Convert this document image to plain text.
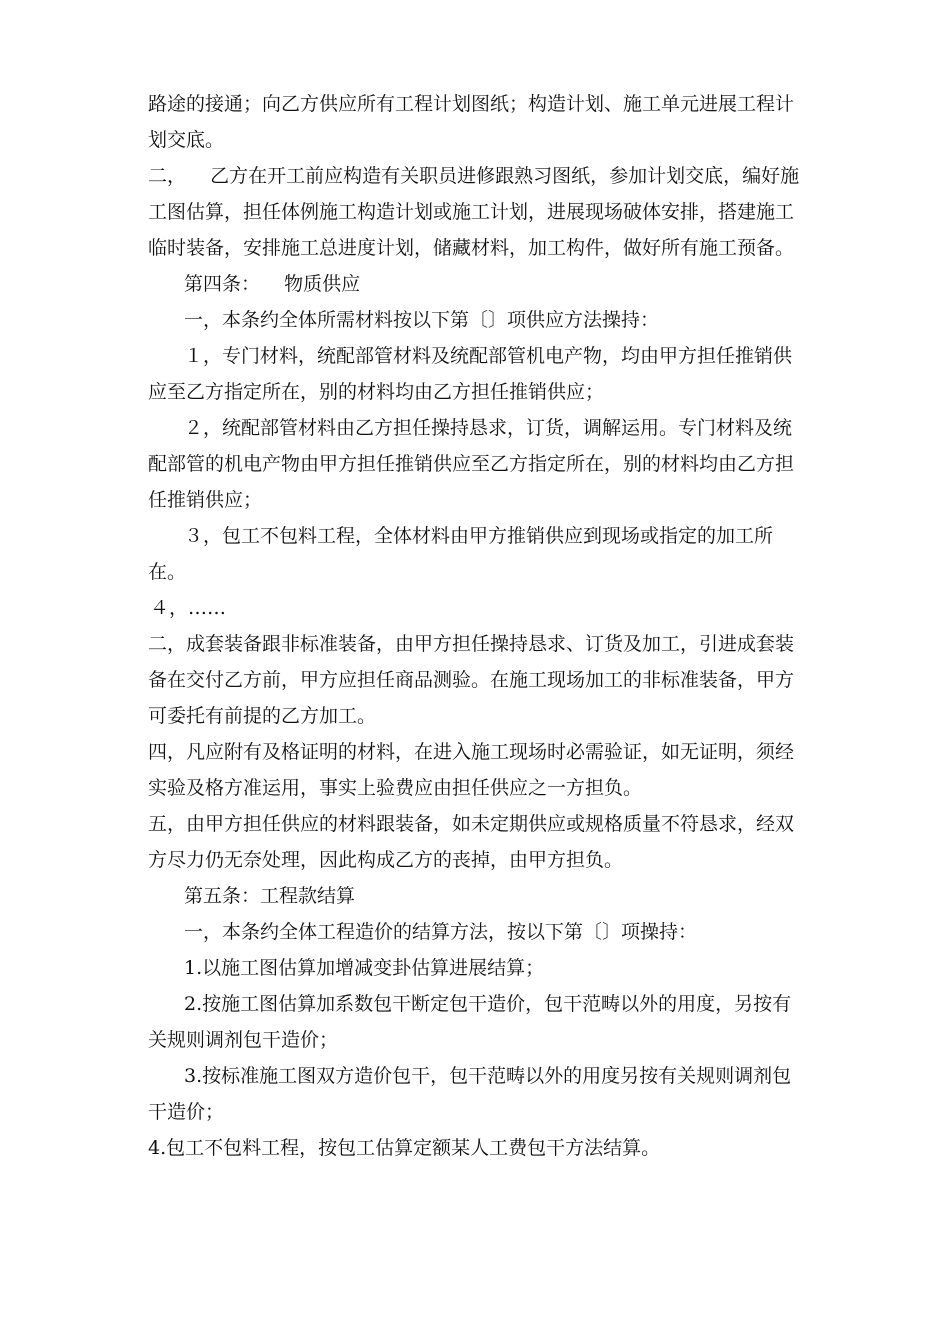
路途的接通；向乙方供应所有工程计划图纸；构造计划、施工单元进展工程计
划交底。
二，    乙方在开工前应构造有关职员进修跟熟习图纸，参加计划交底，编好施
工图估算，担任体例施工构造计划或施工计划，进展现场破体安排，搭建施工
临时装备，安排施工总进度计划，储藏材料，加工构件，做好所有施工预备。
第四条：    物质供应
一，本条约全体所需材料按以下第〔〕项供应方法操持：
１，专门材料，统配部管材料及统配部管机电产物，均由甲方担任推销供
应至乙方指定所在，别的材料均由乙方担任推销供应；
２，统配部管材料由乙方担任操持恳求，订货，调解运用。专门材料及统
配部管的机电产物由甲方担任推销供应至乙方指定所在，别的材料均由乙方担
任推销供应；
３，包工不包料工程，全体材料由甲方推销供应到现场或指定的加工所
在。
４，……
二，成套装备跟非标准装备，由甲方担任操持恳求、订货及加工，引进成套装
备在交付乙方前，甲方应担任商品测验。在施工现场加工的非标准装备，甲方
可委托有前提的乙方加工。
四，凡应附有及格证明的材料，在进入施工现场时必需验证，如无证明，须经
实验及格方准运用，事实上验费应由担任供应之一方担负。
五，由甲方担任供应的材料跟装备，如未定期供应或规格质量不符恳求，经双
方尽力仍无奈处理，因此构成乙方的丧掉，由甲方担负。
第五条：工程款结算
一，本条约全体工程造价的结算方法，按以下第〔〕项操持：
1.以施工图估算加增减变卦估算进展结算；
2.按施工图估算加系数包干断定包干造价，包干范畴以外的用度，另按有
关规则调剂包干造价；
3.按标准施工图双方造价包干，包干范畴以外的用度另按有关规则调剂包
干造价；
4.包工不包料工程，按包工估算定额某人工费包干方法结算。
